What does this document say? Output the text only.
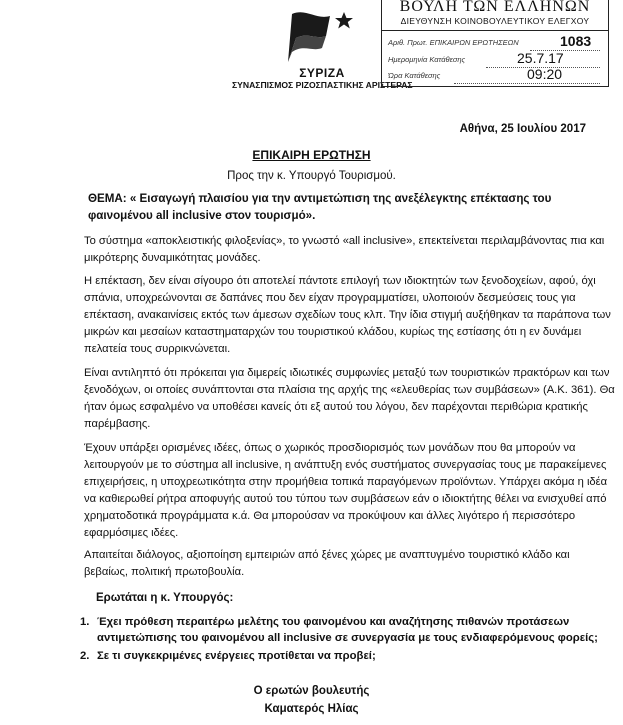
ΣΥΡΙΖΑ
ΣΥΝΑΣΠΙΣΜΟΣ ΡΙΖΟΣΠΑΣΤΙΚΗΣ ΑΡΙΣΤΕΡΑΣ
ΒΟΥΛΗ ΤΩΝ ΕΛΛΗΝΩΝ
ΔΙΕΥΘΥΝΣΗ ΚΟΙΝΟΒΟΥΛΕΥΤΙΚΟΥ ΕΛΕΓΧΟΥ
Αριθ. Πρωτ. ΕΠΙΚΑΙΡΩΝ ΕΡΩΤΗΣΕΩΝ	1083
Ημερομηνία Κατάθεσης	25.7.17
Ώρα Κατάθεσης	09:20
Αθήνα, 25 Ιουλίου 2017
ΕΠΙΚΑΙΡΗ ΕΡΩΤΗΣΗ
Προς την κ. Υπουργό Τουρισμού.
ΘΕΜΑ: « Εισαγωγή πλαισίου για την αντιμετώπιση της ανεξέλεγκτης επέκτασης του
φαινομένου all inclusive στον τουρισμό».
Το σύστημα «αποκλειστικής φιλοξενίας», το γνωστό «all inclusive», επεκτείνεται περιλαμβάνοντας πια και
μικρότερης δυναμικότητας μονάδες.
Η επέκταση, δεν είναι σίγουρο ότι αποτελεί πάντοτε επιλογή των ιδιοκτητών των ξενοδοχείων, αφού, όχι
σπάνια, υποχρεώνονται σε δαπάνες που δεν είχαν προγραμματίσει, υλοποιούν δεσμεύσεις τους για
επέκταση, ανακαινίσεις εκτός των άμεσων σχεδίων τους κλπ. Την ίδια στιγμή αυξήθηκαν τα παράπονα των
μικρών και μεσαίων καταστηματαρχών του τουριστικού κλάδου, κυρίως της εστίασης ότι η εν δυνάμει
πελατεία τους συρρικνώνεται.
Είναι αντιληπτό ότι πρόκειται για διμερείς ιδιωτικές συμφωνίες μεταξύ των τουριστικών πρακτόρων και των
ξενοδόχων, οι οποίες συνάπτονται στα πλαίσια της αρχής της «ελευθερίας των συμβάσεων» (Α.Κ. 361). Θα
ήταν όμως εσφαλμένο να υποθέσει κανείς ότι εξ αυτού του λόγου, δεν παρέχονται περιθώρια κρατικής
παρέμβασης.
Έχουν υπάρξει ορισμένες ιδέες, όπως ο χωρικός προσδιορισμός των μονάδων που θα μπορούν να
λειτουργούν με το σύστημα all inclusive, η ανάπτυξη ενός συστήματος συνεργασίας τους με παρακείμενες
επιχειρήσεις, η υποχρεωτικότητα στην προμήθεια τοπικά παραγόμενων προϊόντων. Υπάρχει ακόμα η ιδέα
να καθιερωθεί ρήτρα αποφυγής αυτού του τύπου των συμβάσεων εάν ο ιδιοκτήτης θέλει να ενισχυθεί από
χρηματοδοτικά προγράμματα κ.ά. Θα μπορούσαν να προκύψουν και άλλες λιγότερο ή περισσότερο
εφαρμόσιμες ιδέες.
Απαιτείται διάλογος, αξιοποίηση εμπειριών από ξένες χώρες με αναπτυγμένο τουριστικό κλάδο και
βεβαίως, πολιτική πρωτοβουλία.
Ερωτάται η κ. Υπουργός:
1. Έχει πρόθεση περαιτέρω μελέτης του φαινομένου και αναζήτησης πιθανών προτάσεων
αντιμετώπισης του φαινομένου all inclusive σε συνεργασία με τους ενδιαφερόμενους φορείς;
2. Σε τι συγκεκριμένες ενέργειες προτίθεται να προβεί;
Ο ερωτών βουλευτής
Καματερός Ηλίας
